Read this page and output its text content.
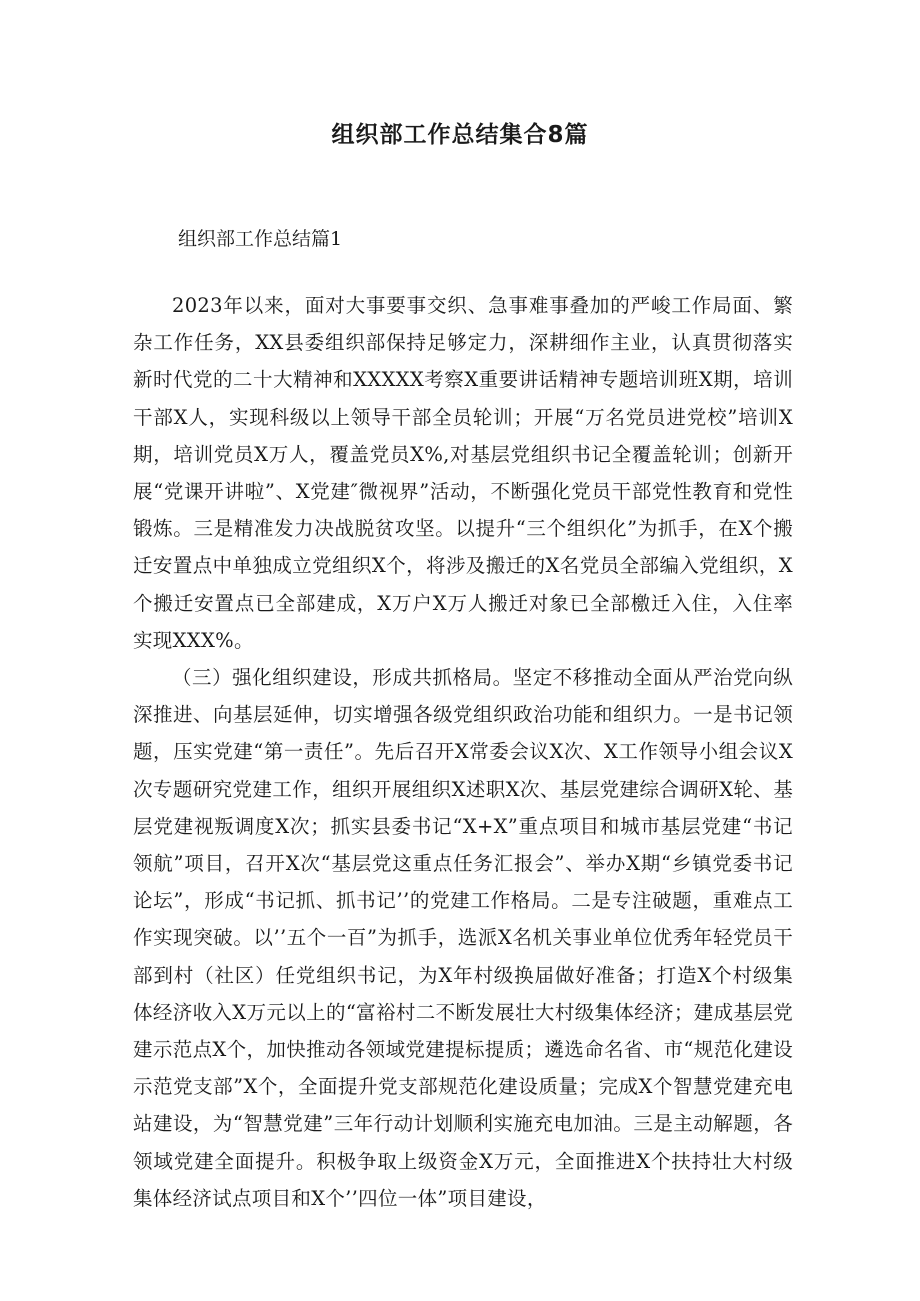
组织部工作总结集合8篇
组织部工作总结篇1

2023年以来，面对大事要事交织、急事难事叠加的严峻工作局面、繁杂工作任务，XX县委组织部保持足够定力，深耕细作主业，认真贯彻落实新时代党的二十大精神和XXXXX考察X重要讲话精神专题培训班X期，培训干部X人，实现科级以上领导干部全员轮训；开展“万名党员进党校”培训X期，培训党员X万人，覆盖党员X%,对基层党组织书记全覆盖轮训；创新开展“党课开讲啦”、X党建″微视界”活动，不断强化党员干部党性教育和党性锻炼。三是精准发力决战脱贫攻坚。以提升“三个组织化”为抓手，在X个搬迁安置点中单独成立党组织X个，将涉及搬迁的X名党员全部编入党组织，X个搬迁安置点已全部建成，X万户X万人搬迁对象已全部檄迁入住，入住率实现XXX%。

（三）强化组织建设，形成共抓格局。坚定不移推动全面从严治党向纵深推进、向基层延伸，切实增强各级党组织政治功能和组织力。一是书记领题，压实党建“第一责任”。先后召开X常委会议X次、X工作领导小组会议X次专题研究党建工作，组织开展组织X述职X次、基层党建综合调研X轮、基层党建视叛调度X次；抓实县委书记“X+X”重点项目和城市基层党建“书记领航”项目，召开X次“基层党这重点任务汇报会”、举办X期“乡镇党委书记论坛”，形成“书记抓、抓书记’’的党建工作格局。二是专注破题，重难点工作实现突破。以’’五个一百”为抓手，选派X名机关事业单位优秀年轻党员干部到村（社区）任党组织书记，为X年村级换届做好准备；打造X个村级集体经济收入X万元以上的“富裕村二不断发展壮大村级集体经济；建成基层党建示范点X个，加快推动各领域党建提标提质；遴选命名省、市“规范化建设示范党支部”X个，全面提升党支部规范化建设质量；完成X个智慧党建充电站建设，为“智慧党建”三年行动计划顺利实施充电加油。三是主动解题，各领域党建全面提升。积极争取上级资金X万元，全面推进X个扶持壮大村级集体经济试点项目和X个’’四位一体”项目建设，
